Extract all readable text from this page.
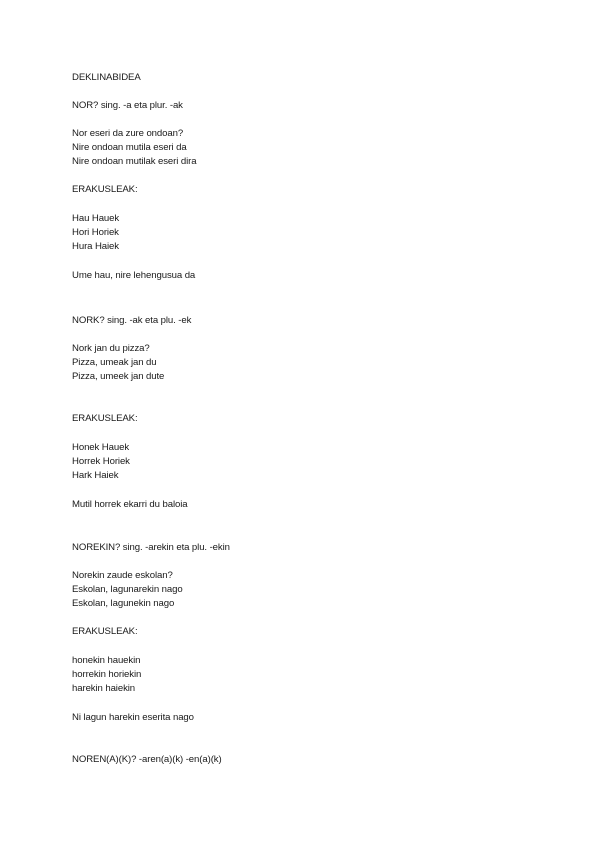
DEKLINABIDEA
NOR? sing. -a eta plur. -ak
Nor eseri da zure ondoan?
Nire ondoan mutila eseri da
Nire ondoan mutilak eseri dira
ERAKUSLEAK:
Hau Hauek
Hori Horiek
Hura Haiek
Ume hau, nire lehengusua da
NORK? sing. -ak eta plu. -ek
Nork jan du pizza?
Pizza, umeak jan du
Pizza, umeek jan dute
ERAKUSLEAK:
Honek Hauek
Horrek Horiek
Hark Haiek
Mutil horrek ekarri du baloia
NOREKIN? sing. -arekin eta plu. -ekin
Norekin zaude eskolan?
Eskolan, lagunarekin nago
Eskolan, lagunekin nago
ERAKUSLEAK:
honekin hauekin
horrekin horiekin
harekin haiekin
Ni lagun harekin eserita nago
NOREN(A)(K)? -aren(a)(k) -en(a)(k)
